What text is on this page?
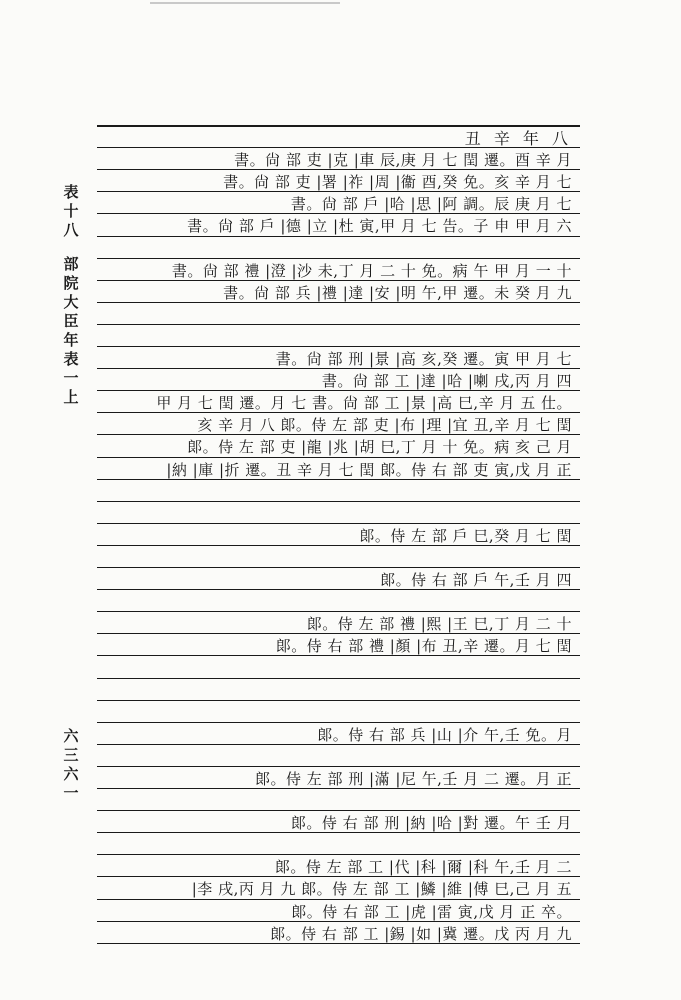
表
十
八
部
院
大
臣
年
表
一
上
六
三
六
一
丑 辛 年 八
書。尙 部 吏 |克 |車 辰,庚 月 七 閏 遷。酉 辛 月
書。尙 部 吏 |署 |祚 |周 |衞 酉,癸 免。亥 辛 月 七
書。尙 部 戶 |哈 |思 |阿 調。辰 庚 月 七
書。尙 部 戶 |德 |立 |杜 寅,甲 月 七 告。子 申 甲 月 六
書。尙 部 禮 |澄 |沙 未,丁 月 二 十 免。病 午 甲 月 一 十
書。尙 部 兵 |禮 |達 |安 |明 午,甲 遷。未 癸 月 九
書。尙 部 刑 |景 |高 亥,癸 遷。寅 甲 月 七
書。尙 部 工 |達 |哈 |喇 戌,丙 月 四
甲 月 七 閏 遷。月 七 書。尙 部 工 |景 |高 巳,辛 月 五 仕。
亥 辛 月 八 郞。侍 左 部 吏 |布 |理 |宜 丑,辛 月 七 閏
郞。侍 左 部 吏 |龍 |兆 |胡 巳,丁 月 十 免。病 亥 己 月
|納 |庫 |折 遷。丑 辛 月 七 閏 郞。侍 右 部 吏 寅,戊 月 正
郞。侍 左 部 戶 巳,癸 月 七 閏
郞。侍 右 部 戶 午,壬 月 四
郞。侍 左 部 禮 |熙 |王 巳,丁 月 二 十
郞。侍 右 部 禮 |顏 |布 丑,辛 遷。月 七 閏
郞。侍 右 部 兵 |山 |介 午,壬 免。月
郞。侍 左 部 刑 |滿 |尼 午,壬 月 二 遷。月 正
郞。侍 右 部 刑 |納 |哈 |對 遷。午 壬 月
郞。侍 左 部 工 |代 |科 |爾 |科 午,壬 月 二
|李 戌,丙 月 九 郞。侍 左 部 工 |鱗 |維 |傅 巳,己 月 五
郞。侍 右 部 工 |虎 |雷 寅,戊 月 正 卒。
郞。侍 右 部 工 |錫 |如 |冀 遷。戊 丙 月 九
